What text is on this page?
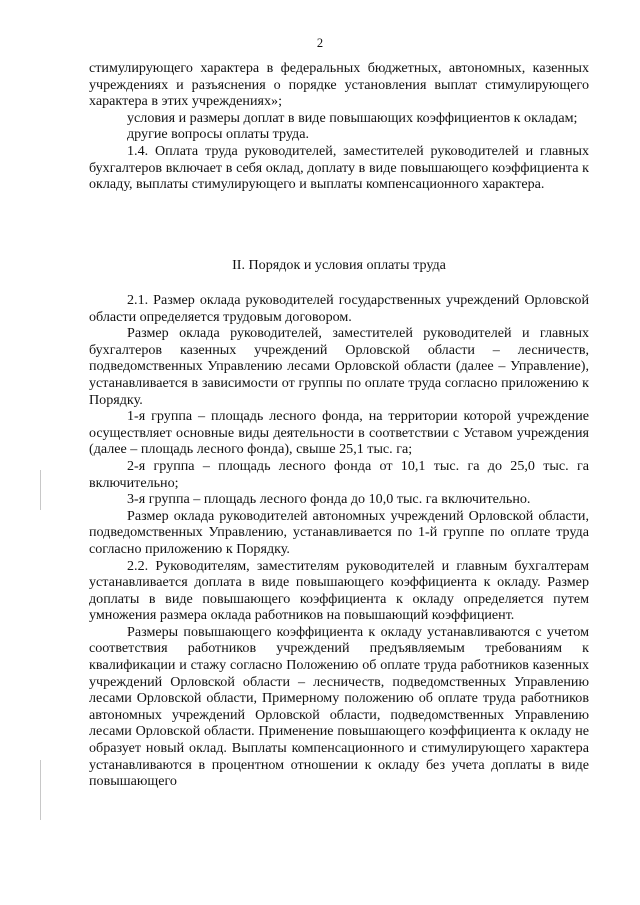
2

стимулирующего характера в федеральных бюджетных, автономных, казенных учреждениях и разъяснения о порядке установления выплат стимулирующего характера в этих учреждениях»;

условия и размеры доплат в виде повышающих коэффициентов к окладам;

другие вопросы оплаты труда.

1.4. Оплата труда руководителей, заместителей руководителей и главных бухгалтеров включает в себя оклад, доплату в виде повышающего коэффициента к окладу, выплаты стимулирующего и выплаты компенсационного характера.

II. Порядок и условия оплаты труда

2.1. Размер оклада руководителей государственных учреждений Орловской области определяется трудовым договором.

Размер оклада руководителей, заместителей руководителей и главных бухгалтеров казенных учреждений Орловской области – лесничеств, подведомственных Управлению лесами Орловской области (далее – Управление), устанавливается в зависимости от группы по оплате труда согласно приложению к Порядку.

1-я группа – площадь лесного фонда, на территории которой учреждение осуществляет основные виды деятельности в соответствии с Уставом учреждения (далее – площадь лесного фонда), свыше 25,1 тыс. га;

2-я группа – площадь лесного фонда от 10,1 тыс. га до 25,0 тыс. га включительно;

3-я группа – площадь лесного фонда до 10,0 тыс. га включительно.

Размер оклада руководителей автономных учреждений Орловской области, подведомственных Управлению, устанавливается по 1-й группе по оплате труда согласно приложению к Порядку.

2.2. Руководителям, заместителям руководителей и главным бухгалтерам устанавливается доплата в виде повышающего коэффициента к окладу. Размер доплаты в виде повышающего коэффициента к окладу определяется путем умножения размера оклада работников на повышающий коэффициент.

Размеры повышающего коэффициента к окладу устанавливаются с учетом соответствия работников учреждений предъявляемым требованиям к квалификации и стажу согласно Положению об оплате труда работников казенных учреждений Орловской области – лесничеств, подведомственных Управлению лесами Орловской области, Примерному положению об оплате труда работников автономных учреждений Орловской области, подведомственных Управлению лесами Орловской области. Применение повышающего коэффициента к окладу не образует новый оклад. Выплаты компенсационного и стимулирующего характера устанавливаются в процентном отношении к окладу без учета доплаты в виде повышающего
